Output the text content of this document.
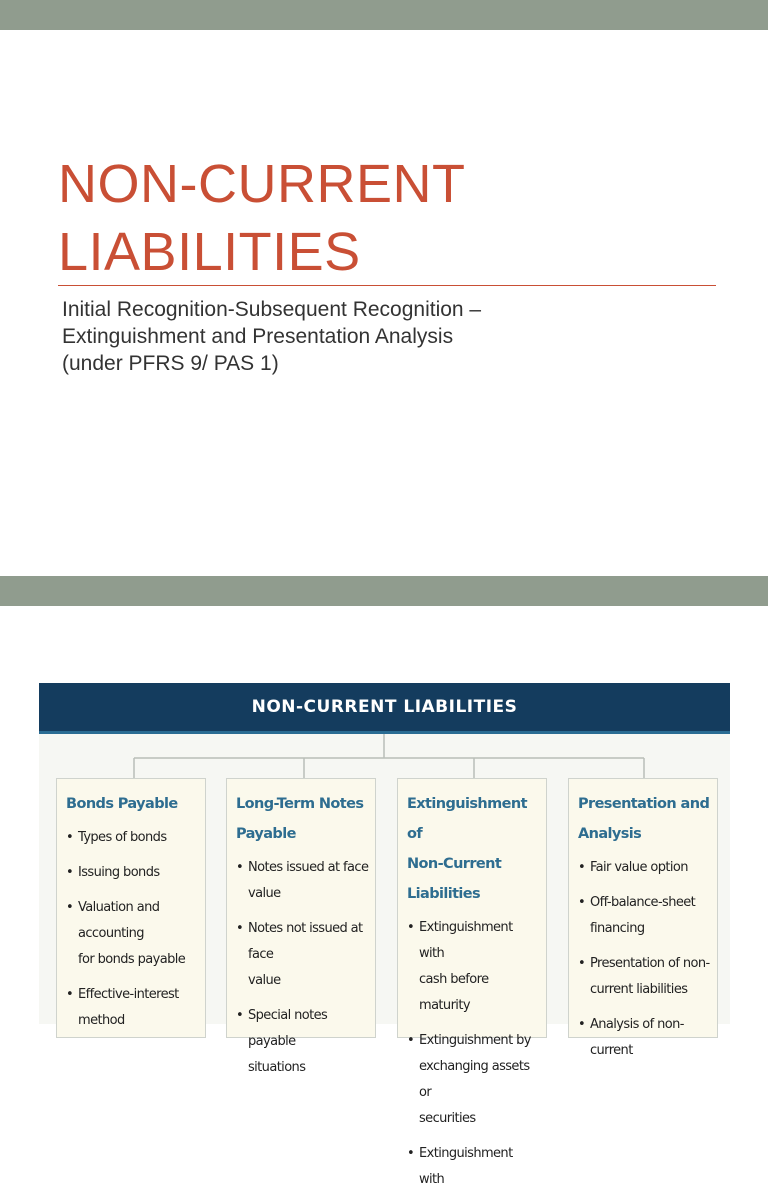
NON-CURRENT
LIABILITIES
Initial Recognition-Subsequent Recognition –
Extinguishment and Presentation Analysis
(under PFRS 9/ PAS 1)
NON-CURRENT LIABILITIES
Bonds Payable
• Types of bonds
• Issuing bonds
• Valuation and accounting
for bonds payable
• Effective-interest
method
Long-Term Notes
Payable
• Notes issued at face
value
• Notes not issued at face
value
• Special notes payable
situations
Extinguishment of
Non-Current Liabilities
• Extinguishment with
cash before maturity
• Extinguishment by
exchanging assets or
securities
• Extinguishment with
Presentation and
Analysis
• Fair value option
• Off-balance-sheet
financing
• Presentation of non-
current liabilities
• Analysis of non-current
